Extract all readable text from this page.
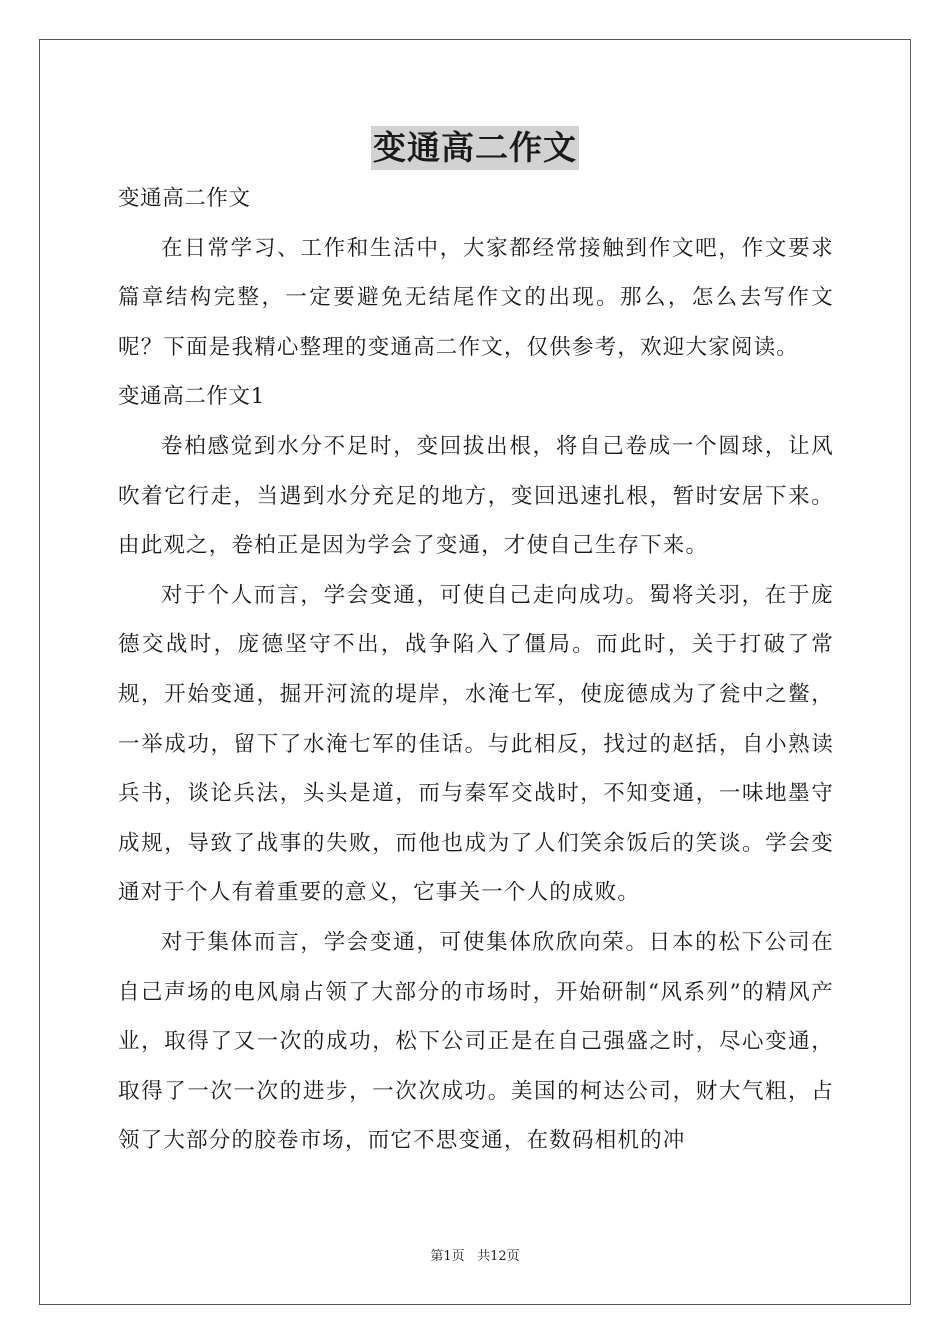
变通高二作文
变通高二作文
在日常学习、工作和生活中，大家都经常接触到作文吧，作文要求篇章结构完整，一定要避免无结尾作文的出现。那么，怎么去写作文呢？下面是我精心整理的变通高二作文，仅供参考，欢迎大家阅读。
变通高二作文1
卷柏感觉到水分不足时，变回拔出根，将自己卷成一个圆球，让风吹着它行走，当遇到水分充足的地方，变回迅速扎根，暂时安居下来。由此观之，卷柏正是因为学会了变通，才使自己生存下来。
对于个人而言，学会变通，可使自己走向成功。蜀将关羽，在于庞德交战时，庞德坚守不出，战争陷入了僵局。而此时，关于打破了常规，开始变通，掘开河流的堤岸，水淹七军，使庞德成为了瓮中之鳖，一举成功，留下了水淹七军的佳话。与此相反，找过的赵括，自小熟读兵书，谈论兵法，头头是道，而与秦军交战时，不知变通，一味地墨守成规，导致了战事的失败，而他也成为了人们笑余饭后的笑谈。学会变通对于个人有着重要的意义，它事关一个人的成败。
对于集体而言，学会变通，可使集体欣欣向荣。日本的松下公司在自己声场的电风扇占领了大部分的市场时，开始研制“风系列”的精风产业，取得了又一次的成功，松下公司正是在自己强盛之时，尽心变通，取得了一次一次的进步，一次次成功。美国的柯达公司，财大气粗，占领了大部分的胶卷市场，而它不思变通，在数码相机的冲
第1页 共12页
